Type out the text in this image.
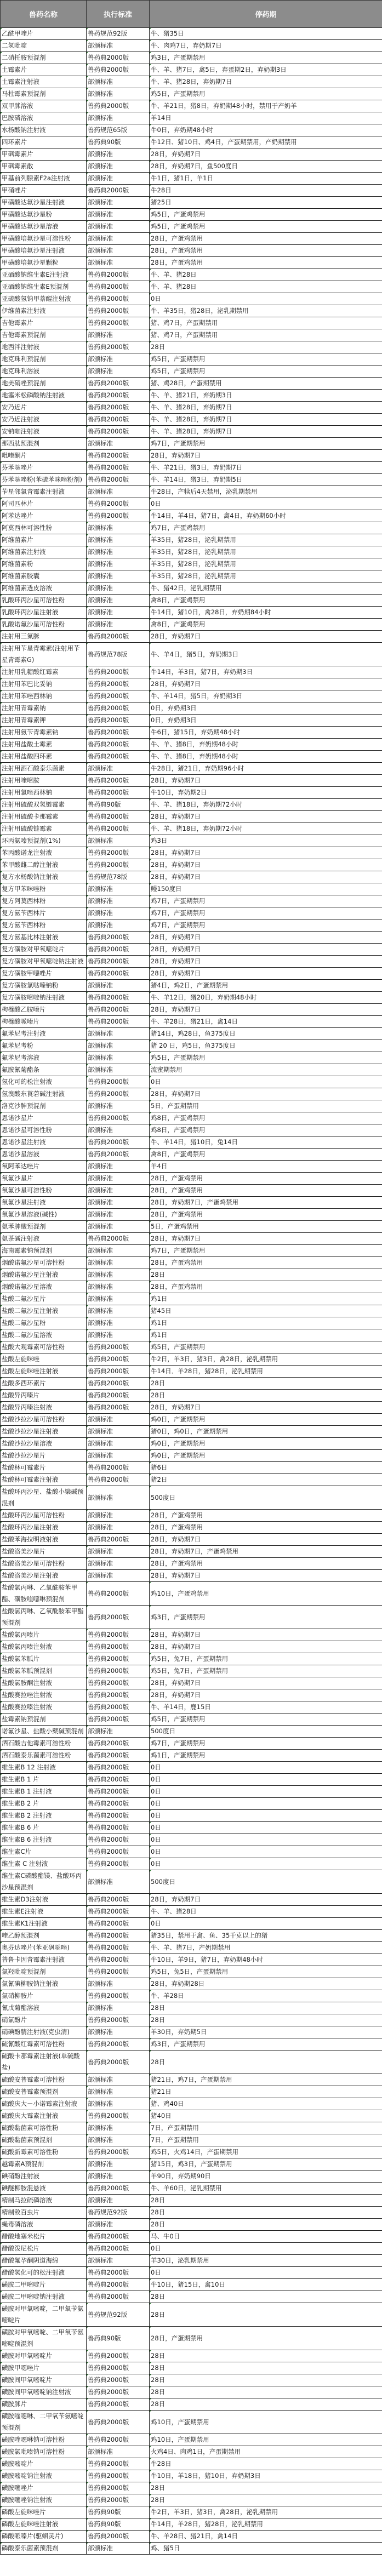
兽药名称	执行标准	停药期
乙酰甲喹片	兽药规范92版	牛、猪35日
二氢吡啶	部颁标准	牛、肉鸡7日，弃奶期7日
二硝托胺预混剂	兽药典2000版	鸡3日，产蛋期禁用
土霉素片	兽药典2000版	牛、羊、猪7日，禽5日，弃蛋期2日，弃奶期3日
土霉素注射液	部颁标准	牛、羊、猪28日，弃奶期7日
马杜霉素预混剂	部颁标准	鸡5日，产蛋期禁用
双甲脒溶液	兽药典2000版	牛、羊21日，猪8日，弃奶期48小时，禁用于产奶羊
巴胺磷溶液	部颁标准	羊14日
水杨酸钠注射液	兽药规范65版	牛0日，弃奶期48小时
四环素片	兽药典90版	牛12日、猪10日、鸡4日，产蛋期禁用，产奶期禁用
甲砜霉素片	部颁标准	28日，弃奶期7日
甲砜霉素散	部颁标准	28日，弃奶期7日，鱼500度日
甲基前列腺素F2a注射液	部颁标准	牛1日，猪1日，羊1日
甲硝唑片	兽药典2000版	牛28日
甲磺酸达氟沙星注射液	部颁标准	猪25日
甲磺酸达氟沙星粉	部颁标准	鸡5日，产蛋鸡禁用
甲磺酸达氟沙星溶液	部颁标准	鸡5日，产蛋鸡禁用
甲磺酸培氟沙星可溶性粉	部颁标准	28日，产蛋鸡禁用
甲磺酸培氟沙星注射液	部颁标准	28日，产蛋鸡禁用
甲磺酸培氟沙星颗粒	部颁标准	28日，产蛋鸡禁用
亚硒酸钠维生素E注射液	兽药典2000版	牛、羊、猪28日
亚硒酸钠维生素E预混剂	兽药典2000版	牛、羊、猪28日
亚硫酸氢钠甲萘醌注射液	兽药典2000版	0日
伊维菌素注射液	兽药典2000版	牛、羊35日，猪28日，泌乳期禁用
吉他霉素片	兽药典2000版	猪、鸡7日，产蛋期禁用
吉他霉素预混剂	部颁标准	猪、鸡7日，产蛋期禁用
地西泮注射液	兽药典2000版	28日
地克珠利预混剂	部颁标准	鸡5日，产蛋期禁用
地克珠利溶液	部颁标准	鸡5日，产蛋期禁用
地美硝唑预混剂	兽药典2000版	猪、鸡28日，产蛋期禁用
地塞米松磷酸钠注射液	兽药典2000版	牛、羊、猪21日，弃奶期3日
安乃近片	兽药典2000版	牛、羊、猪28日，弃奶期7日
安乃近注射液	兽药典2000版	牛、羊、猪28日，弃奶期7日
安钠咖注射液	兽药典2000版	牛、羊、猪28日，弃奶期7日
那西肽预混剂	部颁标准	鸡7日，产蛋期禁用
吡喹酮片	兽药典2000版	28日，弃奶期7日
芬苯哒唑片	兽药典2000版	牛、羊21日，猪3日，弃奶期7日
芬苯哒唑粉(苯硫苯咪唑粉剂)	兽药典2000版	牛、羊14日，猪3日，弃奶期5日
苄星邻氯青霉素注射液	部颁标准	牛28日，产犊后4天禁用，泌乳期禁用
阿司匹林片	兽药典2000版	0日
阿苯达唑片	兽药典2000版	牛14日，羊4日，猪7日，禽4日，弃奶期60小时
阿莫西林可溶性粉	部颁标准	鸡7日，产蛋鸡禁用
阿维菌素片	部颁标准	羊35日，猪28日，泌乳期禁用
阿维菌素注射液	部颁标准	羊35日，猪28日，泌乳期禁用
阿维菌素粉	部颁标准	羊35日，猪28日，泌乳期禁用
阿维菌素胶囊	部颁标准	羊35日，猪28日，泌乳期禁用
阿维菌素透皮溶液	部颁标准	牛、猪42日，泌乳期禁用
乳酸环丙沙星可溶性粉	部颁标准	禽8日，产蛋鸡禁用
乳酸环丙沙星注射液	部颁标准	牛14日，猪10日，禽28日，弃奶期84小时
乳酸诺氟沙星可溶性粉	部颁标准	禽8日，产蛋鸡禁用
注射用三氮脒	兽药典2000版	28日，弃奶期7日
注射用苄星青霉素(注射用苄星青霉素G)	兽药规范78版	牛、羊4日，猪5日，弃奶期3日
注射用乳糖酸红霉素	兽药典2000版	牛14日，羊3日，猪7日，弃奶期3日
注射用苯巴比妥钠	兽药典2000版	28日，弃奶期7日
注射用苯唑西林钠	兽药典2000版	牛、羊14日，猪5日，弃奶期3日
注射用青霉素钠	兽药典2000版	0日，弃奶期3日
注射用青霉素钾	兽药典2000版	0日，弃奶期3日
注射用氨苄青霉素钠	兽药典2000版	牛6日，猪15日，弃奶期48小时
注射用盐酸土霉素	兽药典2000版	牛、羊、猪8日，弃奶期48小时
注射用盐酸四环素	兽药典2000版	牛、羊、猪8日，弃奶期48小时
注射用酒石酸泰乐菌素	部颁标准	牛28日，猪21日，弃奶期96小时
注射用喹嘧胺	兽药典2000版	28日，弃奶期7日
注射用氯唑西林钠	兽药典2000版	牛10日，弃奶期2日
注射用硫酸双氢链霉素	兽药典90版	牛、羊、猪18日，弃奶期72小时
注射用硫酸卡那霉素	兽药典2000版	28日，弃奶期7日
注射用硫酸链霉素	兽药典2000版	牛、羊、猪18日，弃奶期72小时
环丙氨嗪预混剂(1%)	部颁标准	鸡3日
苯丙酸诺龙注射液	兽药典2000版	28日，弃奶期7日
苯甲酸雌二醇注射液	兽药典2000版	28日，弃奶期7日
复方水杨酸钠注射液	兽药规范78版	28日，弃奶期7日
复方甲苯咪唑粉	部颁标准	鳗150度日
复方阿莫西林粉	部颁标准	鸡7日，产蛋期禁用
复方氨苄西林片	部颁标准	鸡7日，产蛋期禁用
复方氨苄西林粉	部颁标准	鸡7日，产蛋期禁用
复方氨基比林注射液	兽药典2000版	28日，弃奶期7日
复方磺胺对甲氧嘧啶片	兽药典2000版	28日，弃奶期7日
复方磺胺对甲氧嘧啶钠注射液	兽药典2000版	28日，弃奶期7日
复方磺胺甲噁唑片	兽药典2000版	28日，弃奶期7日
复方磺胺氯哒嗪钠粉	部颁标准	猪4日，鸡2日，产蛋期禁用
复方磺胺嘧啶钠注射液	兽药典2000版	牛、羊12日，猪20日，弃奶期48小时
枸橼酸乙胺嗪片	兽药典2000版	28日，弃奶期7日
枸橼酸哌嗪片	兽药典2000版	牛、羊28日，猪21日，禽14日
氟苯尼考注射液	部颁标准	猪14日，鸡28日，鱼375度日
氟苯尼考粉	部颁标准	猪 20 日，鸡5日，鱼375度日
氟苯尼考溶液	部颁标准	鸡5日，产蛋期禁用
氟胺氰菊酯条	部颁标准	流蜜期禁用
氢化可的松注射液	兽药典2000版	0日
氢溴酸东莨菪碱注射液	兽药典2000版	28日，弃奶期7日
洛克沙胂预混剂	部颁标准	5日，产蛋期禁用
恩诺沙星片	兽药典2000版	鸡8日，产蛋鸡禁用
恩诺沙星可溶性粉	部颁标准	鸡8日，产蛋鸡禁用
恩诺沙星注射液	兽药典2000版	牛、羊14日，猪10日，兔14日
恩诺沙星溶液	兽药典2000版	禽8日，产蛋鸡禁用
氧阿苯达唑片	部颁标准	羊4日
氧氟沙星片	部颁标准	28日，产蛋鸡禁用
氧氟沙星可溶性粉	部颁标准	28日，产蛋鸡禁用
氧氟沙星注射液	部颁标准	28日，弃奶期7日，产蛋鸡禁用
氧氟沙星溶液(碱性)	部颁标准	28日，产蛋鸡禁用
氨苯胂酸预混剂	部颁标准	5日，产蛋鸡禁用
氨茶碱注射液	兽药典2000版	28日，弃奶期7日
海南霉素钠预混剂	部颁标准	鸡7日，产蛋期禁用
烟酸诺氟沙星可溶性粉	部颁标准	28日，产蛋鸡禁用
烟酸诺氟沙星注射液	部颁标准	28日
烟酸诺氟沙星溶液	部颁标准	28日，产蛋鸡禁用
盐酸二氟沙星片	部颁标准	鸡1日
盐酸二氟沙星注射液	部颁标准	猪45日
盐酸二氟沙星粉	部颁标准	鸡1日
盐酸二氟沙星溶液	部颁标准	鸡1日
盐酸大观霉素可溶性粉	兽药典2000版	鸡5日，产蛋期禁用
盐酸左旋咪唑	兽药典2000版	牛2日，羊3日，猪3日，禽28日，泌乳期禁用
盐酸左旋咪唑注射液	兽药典2000版	牛14日．羊28日，猪28日，泌乳期禁用
盐酸多西环素片	兽药典2000版	28日
盐酸异丙嗪片	兽药典2000版	28日
盐酸异丙嗪注射液	兽药典2000版	28日，弃奶期7日
盐酸沙拉沙星可溶性粉	部颁标准	鸡0日，产蛋期禁用
盐酸沙拉沙星注射液	部颁标准	猪0日，鸡0日，产蛋期禁用
盐酸沙拉沙星溶液	部颁标准	鸡0日，产蛋期禁用
盐酸沙拉沙星片	部颁标准	鸡0日，产蛋期禁用
盐酸林可霉素片	兽药典2000版	猪6日
盐酸林可霉素注射液	兽药典2000版	猪2日
盐酸环丙沙星、盐酸小檗碱预混剂	部颁标准	500度日
盐酸环丙沙星可溶性粉	部颁标准	28日，产蛋鸡禁用
盐酸环丙沙星注射液	部颁标准	28日，产蛋鸡禁用
盐酸苯海拉明液射液	兽药典2000版	28日，弃奶期7日
盐酸洛美沙星片	部颁标准	28日，弃奶期7日，产蛋鸡禁用
盐酸洛美沙星可溶性粉	部颁标准	28日，产蛋鸡禁用
盐酸洛美沙星注射液	部颁标准	28日，弃奶期7日
盐酸氯丙啉、乙氧酰胺苯甲酯、磺胺喹噁啉预混剂	兽药典2000版	鸡10日，产蛋鸡禁用
盐酸氯丙啉、乙氧酰胺苯甲酯预混剂	兽药典2000版	鸡3日，产蛋期禁用
盐酸氯丙嗪片	兽药典2000版	28日，弃奶期7日
盐酸氯丙嗪注射液	兽药典2000版	28日，弃奶期7日
盐酸氯苯胍片	兽药典2000版	鸡5日，兔7日，产蛋期禁用
盐酸氯苯胍预混剂	兽药典2000版	鸡5日，兔7日，产蛋期禁用
盐酸氯胺酮注射液	兽药典2000版	28日，弃奶期7日
盐酸赛拉唑注射液	兽药典2000版	28日，弃奶期7日
盐酸赛拉嗪注射液	兽药典2000版	牛、羊14日，鹿15日
盐霉素钠预混剂	兽药典2000版	鸡5日，产蛋期禁用
诺氟沙星、盐酸小檗碱预混剂	部颁标准	500度日
酒石酸吉他霉素可溶性粉	兽药典2000版	鸡7日，产蛋期禁用
酒石酸泰乐菌素可溶性粉	兽药典2000版	鸡1日，产蛋期禁用
维生素B 12 注射液	兽药典2000版	0日
维生素B 1 片	兽药典2000版	0日
维生素B 1 注射液	兽药典2000版	0日
维生素B 2 片	兽药典2000版	0日
维生素B 2 注射液	兽药典2000版	0日
维生素B 6 片	兽药典2000版	0日
维生素B 6 注射液	兽药典2000版	0日
维生素C片	兽药典2000版	0日
维生素 C 注射液	兽药典2000版	0日
维生素C磷酸酯镁、盐酸环丙沙星预混剂	部颁标准	500度日
维生素D3注射液	兽药典2000版	28日，弃奶期7日
维生素E注射液	兽药典2000版	牛、羊、猪28日
维生素K1注射液	兽药典2000版	0日
喹乙醇预混剂	兽药典2000版	猪35日，禁用于禽、鱼、35千克以上的猪
奥芬达唑片(苯亚砜哒唑)	兽药典2000版	牛、羊、猪7日，产奶期禁用
普鲁卡因青霉素注射液	兽药典2000版	牛10日，羊9日，猪7日，弃奶期48小时
氯羟吡啶预混剂	兽药典2000版	鸡5日，兔5日，产蛋期禁用
氯氰碘柳胺钠注射液	部颁标准	28日，弃奶期28日
氯硝柳胺片	兽药典2000版	牛、羊28日
氰戊菊酯溶液	部颁标准	28日
硝氯酚片	兽药典2000版	28日
硝碘酚腈注射液(克虫清)	部颁标准	羊30日，弃奶期5日
硫氰酸红霉素可溶性粉	兽药典2000版	鸡3日，产蛋期禁用
硫酸卡那霉素注射液(单硫酸盐)	兽药典2000版	28日
硫酸安普霉素可溶性粉	部颁标准	猪21日，鸡7日，产蛋期禁用
硫酸安普霉素预混剂	部颁标准	猪21日
硫酸庆大－小诺霉素注射液	部颁标准	猪、鸡40日
硫酸庆大霉素注射液	兽药典2000版	猪40日
硫酸黏菌素可溶性粉	部颁标准	7日，产蛋期禁用
硫酸黏菌素预混剂	部颁标准	7日，产蛋期禁用
硫酸新霉素可溶性粉	兽药典2000版	鸡5日，火鸡14日，产蛋期禁用
越霉素A预混剂	部颁标准	猪15日，鸡3日，产蛋期禁用
碘硝酚注射液	部颁标准	羊90日，弃奶期90日
碘醚柳胺混悬液	兽药典2000版	牛、羊60日，泌乳期禁用
精制马拉硫磷溶液	部颁标准	28日
精制敌百虫片	兽药规范92版	28日
蝇毒磷溶液	部颁标准	28日
醋酸地塞米松片	兽药典2000版	马、牛0日
醋酸泼尼松片	兽药典2000版	0日
醋酸氟孕酮阴道海绵	部颁标准	羊30日，泌乳期禁用
醋酸氢化可的松注射液	兽药典2000版	0日
磺胺二甲嘧啶片	兽药典2000版	牛10日，猪15日，禽10日
磺胺二甲嘧啶钠注射液	兽药典2000版	28日
磺胺对甲氧嘧啶，二甲氧苄氨嘧啶片	兽药规范92版	28日
磺胺对甲氧嘧啶、二甲氧苄氨嘧啶预混剂	兽药典90版	28日，产蛋期禁用
磺胺对甲氧嘧啶片	兽药典2000版	28日
磺胺甲噁唑片	兽药典2000版	28日
磺胺间甲氧嘧啶片	兽药典2000版	28日
磺胺间甲氧嘧啶钠注射液	兽药典2000版	28日
磺胺脒片	兽药典2000版	28日
磺胺喹噁啉、二甲氧苄氨嘧啶预混剂	兽药典2000版	鸡10日，产蛋期禁用
磺胺喹噁啉钠可溶性粉	兽药典2000版	鸡10日，产蛋期禁用
磺胺氯吡嗪钠可溶性粉	部颁标准	火鸡4日、肉鸡1日，产蛋期禁用
磺胺嘧啶片	兽药典2000版	牛28日
磺胺嘧啶钠注射液	兽药典2000版	牛10日，羊18日，猪10日，弃奶期3日
磺胺噻唑片	兽药典2000版	28日
磺胺噻唑钠注射液	兽药典2000版	28日
磷酸左旋咪唑片	兽药典90版	牛2日，羊3日，猪3日，禽28日，泌乳期禁用
磷酸左旋咪唑注射液	兽药典90版	牛14日，羊28日，猪28日，泌乳期禁用
磷酸哌嗪片(驱蛔灵片)	兽药典2000版	牛、羊28日、猪21日，禽14日
磷酸泰乐菌素预混剂	部颁标准	鸡、猪5日
